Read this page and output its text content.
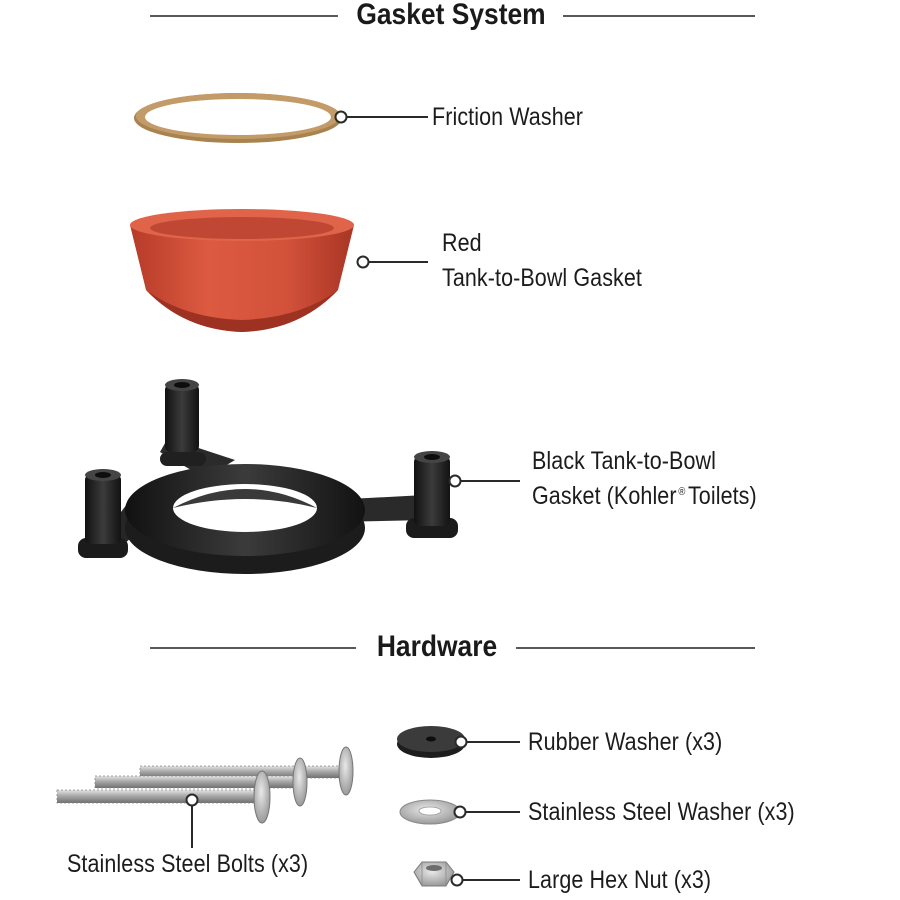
Gasket System
Hardware
Friction Washer
Red
Tank-to-Bowl Gasket
Black Tank-to-Bowl
Gasket (Kohler ® Toilets)
Rubber Washer (x3)
Stainless Steel Washer (x3)
Large Hex Nut (x3)
Stainless Steel Bolts (x3)
